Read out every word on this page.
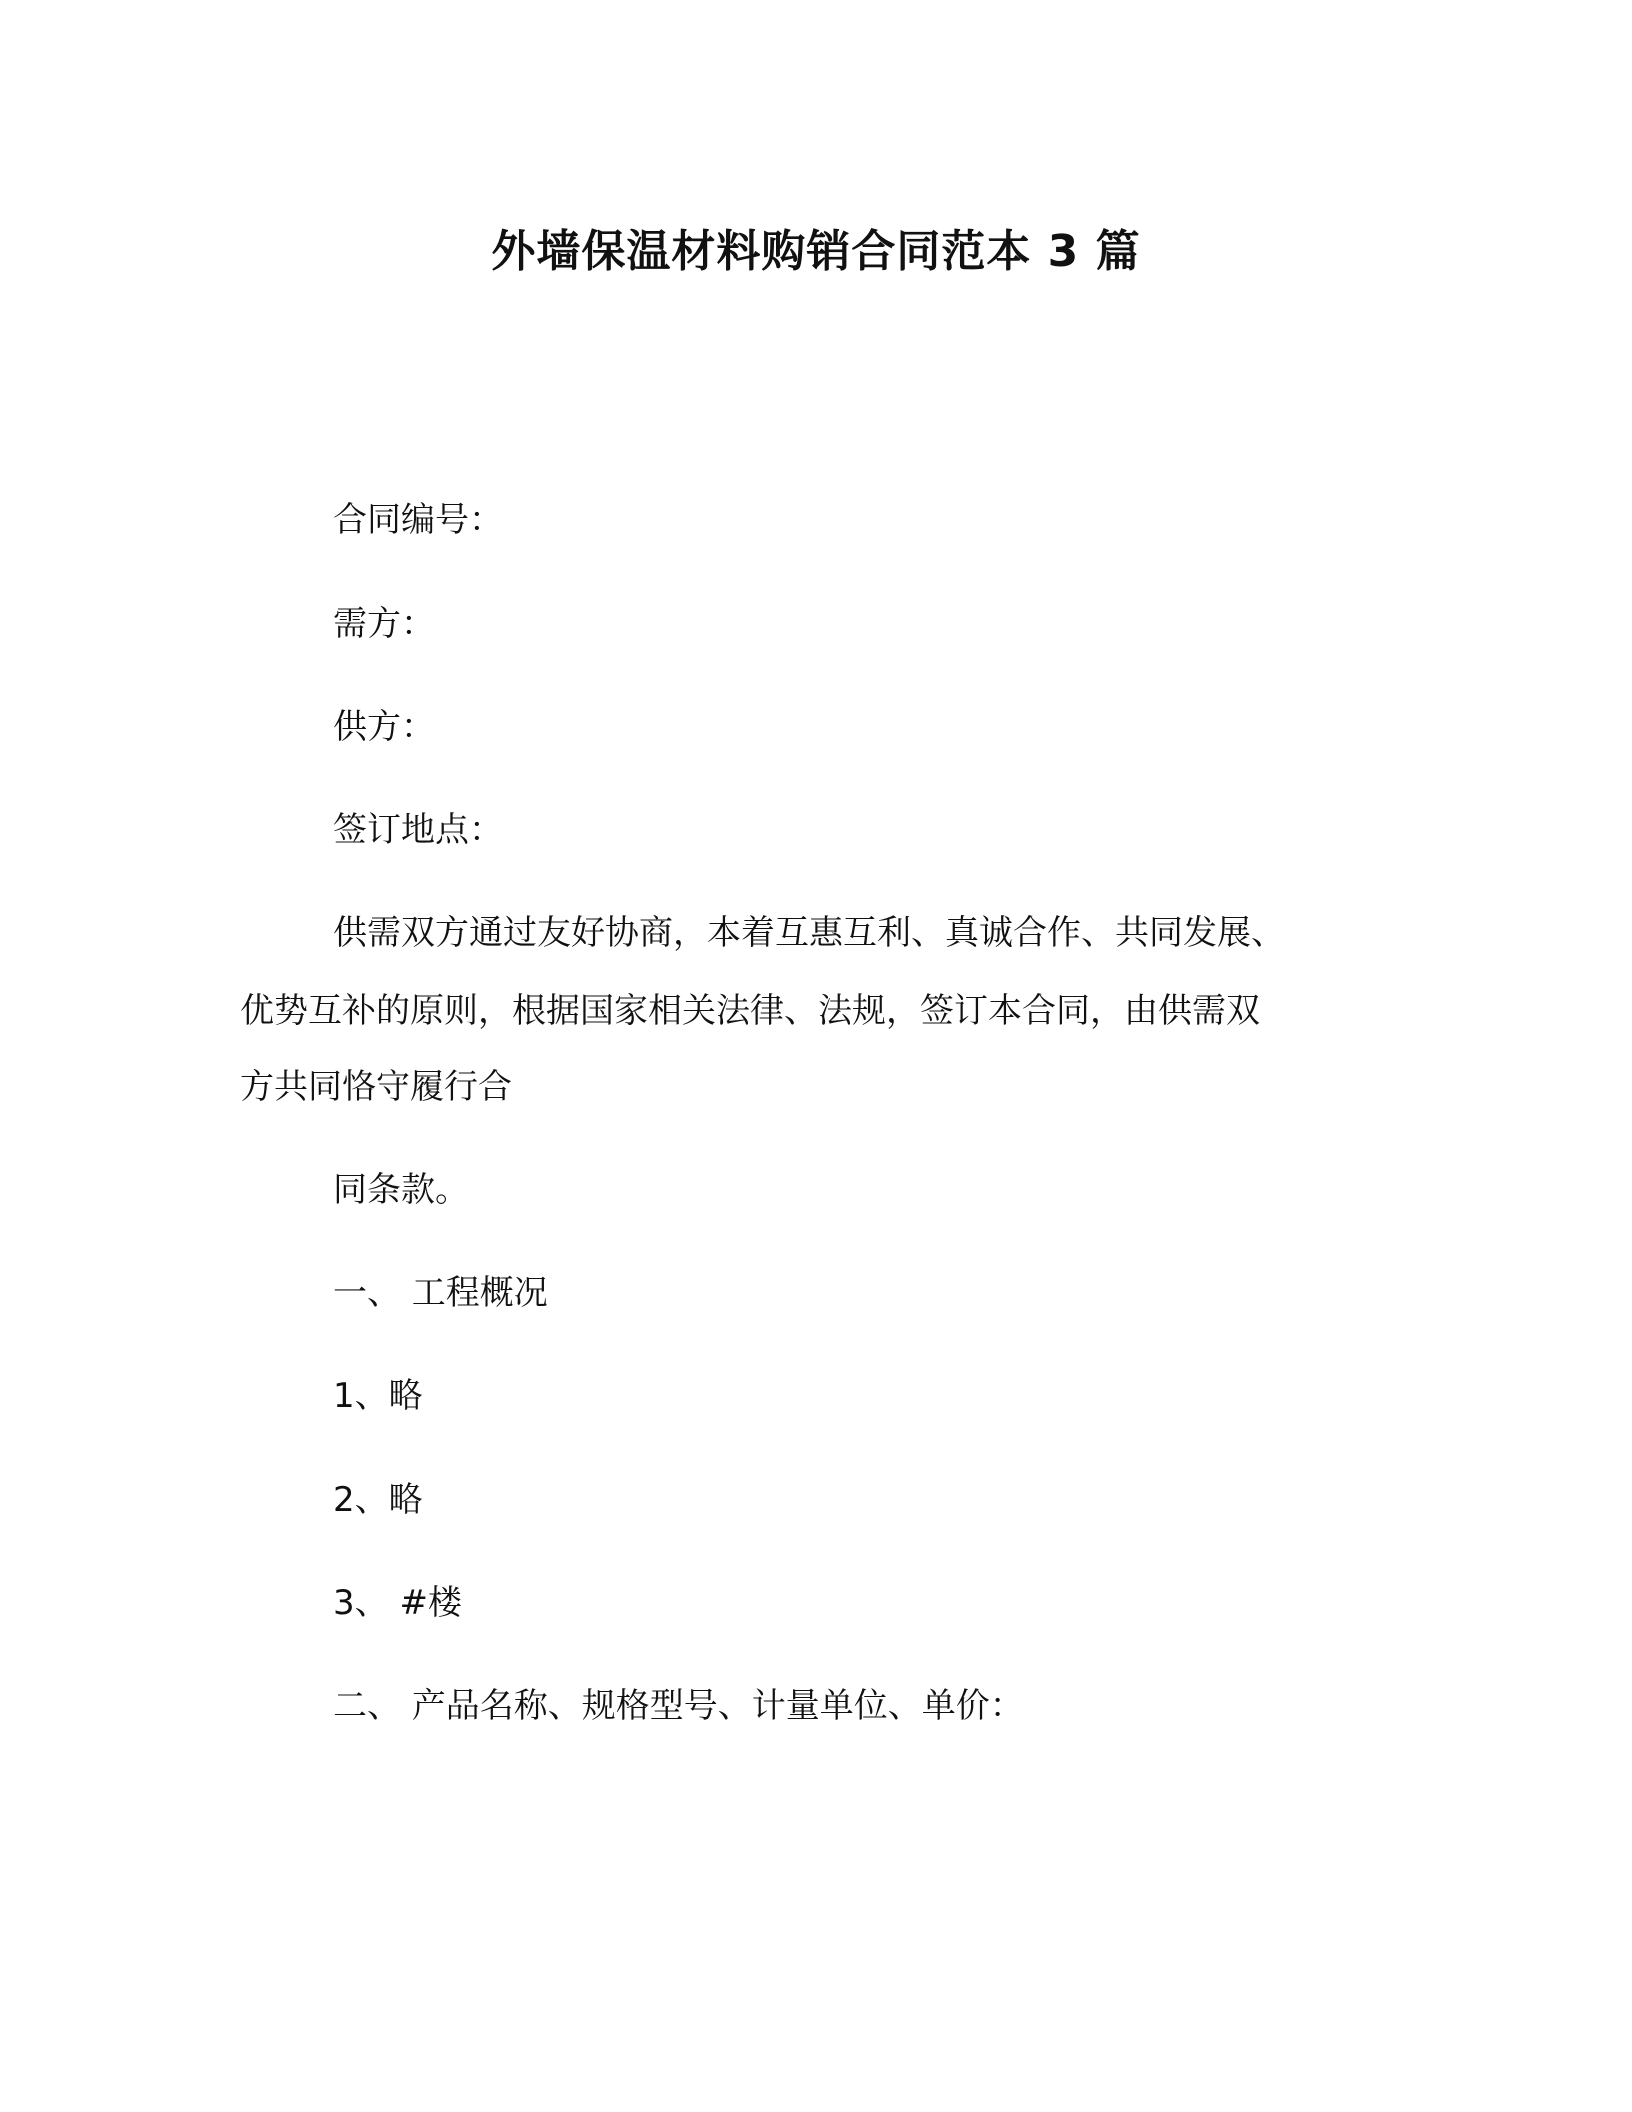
外墙保温材料购销合同范本 3 篇
合同编号：
需方：
供方：
签订地点：
供需双方通过友好协商，本着互惠互利、真诚合作、共同发展、
优势互补的原则，根据国家相关法律、法规，签订本合同，由供需双
方共同恪守履行合
同条款。
一、 工程概况
1、略
2、略
3、 #楼
二、 产品名称、规格型号、计量单位、单价：
